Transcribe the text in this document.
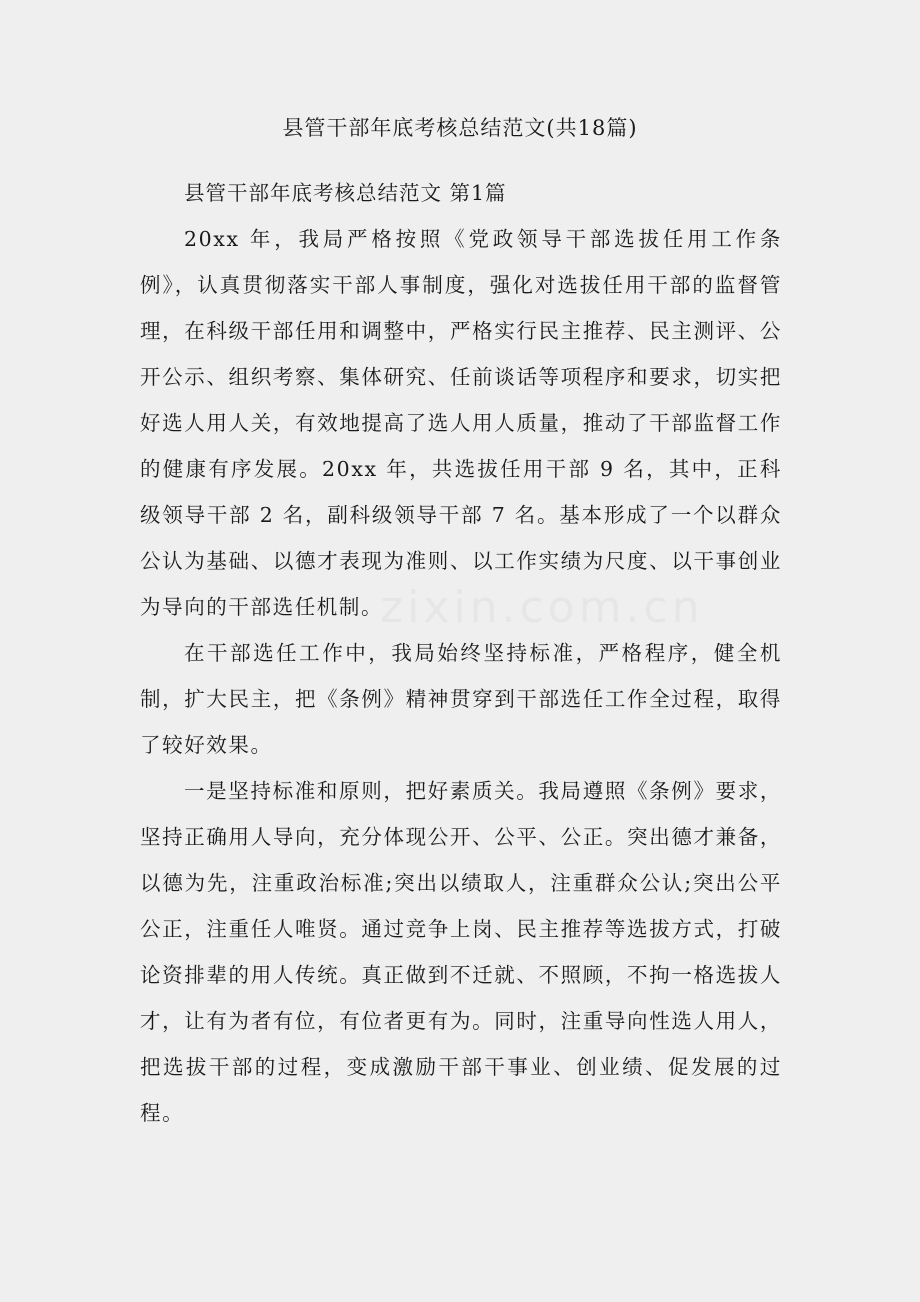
县管干部年底考核总结范文(共18篇)
县管干部年底考核总结范文 第1篇

20xx 年，我局严格按照《党政领导干部选拔任用工作条例》，认真贯彻落实干部人事制度，强化对选拔任用干部的监督管理，在科级干部任用和调整中，严格实行民主推荐、民主测评、公开公示、组织考察、集体研究、任前谈话等项程序和要求，切实把好选人用人关，有效地提高了选人用人质量，推动了干部监督工作的健康有序发展。20xx 年，共选拔任用干部 9 名，其中，正科级领导干部 2 名，副科级领导干部 7 名。基本形成了一个以群众公认为基础、以德才表现为准则、以工作实绩为尺度、以干事创业为导向的干部选任机制。

在干部选任工作中，我局始终坚持标准，严格程序，健全机制，扩大民主，把《条例》精神贯穿到干部选任工作全过程，取得了较好效果。

一是坚持标准和原则，把好素质关。我局遵照《条例》要求，坚持正确用人导向，充分体现公开、公平、公正。突出德才兼备，以德为先，注重政治标准;突出以绩取人，注重群众公认;突出公平公正，注重任人唯贤。通过竞争上岗、民主推荐等选拔方式，打破论资排辈的用人传统。真正做到不迁就、不照顾，不拘一格选拔人才，让有为者有位，有位者更有为。同时，注重导向性选人用人，把选拔干部的过程，变成激励干部干事业、创业绩、促发展的过程。

zixin.com.cn
